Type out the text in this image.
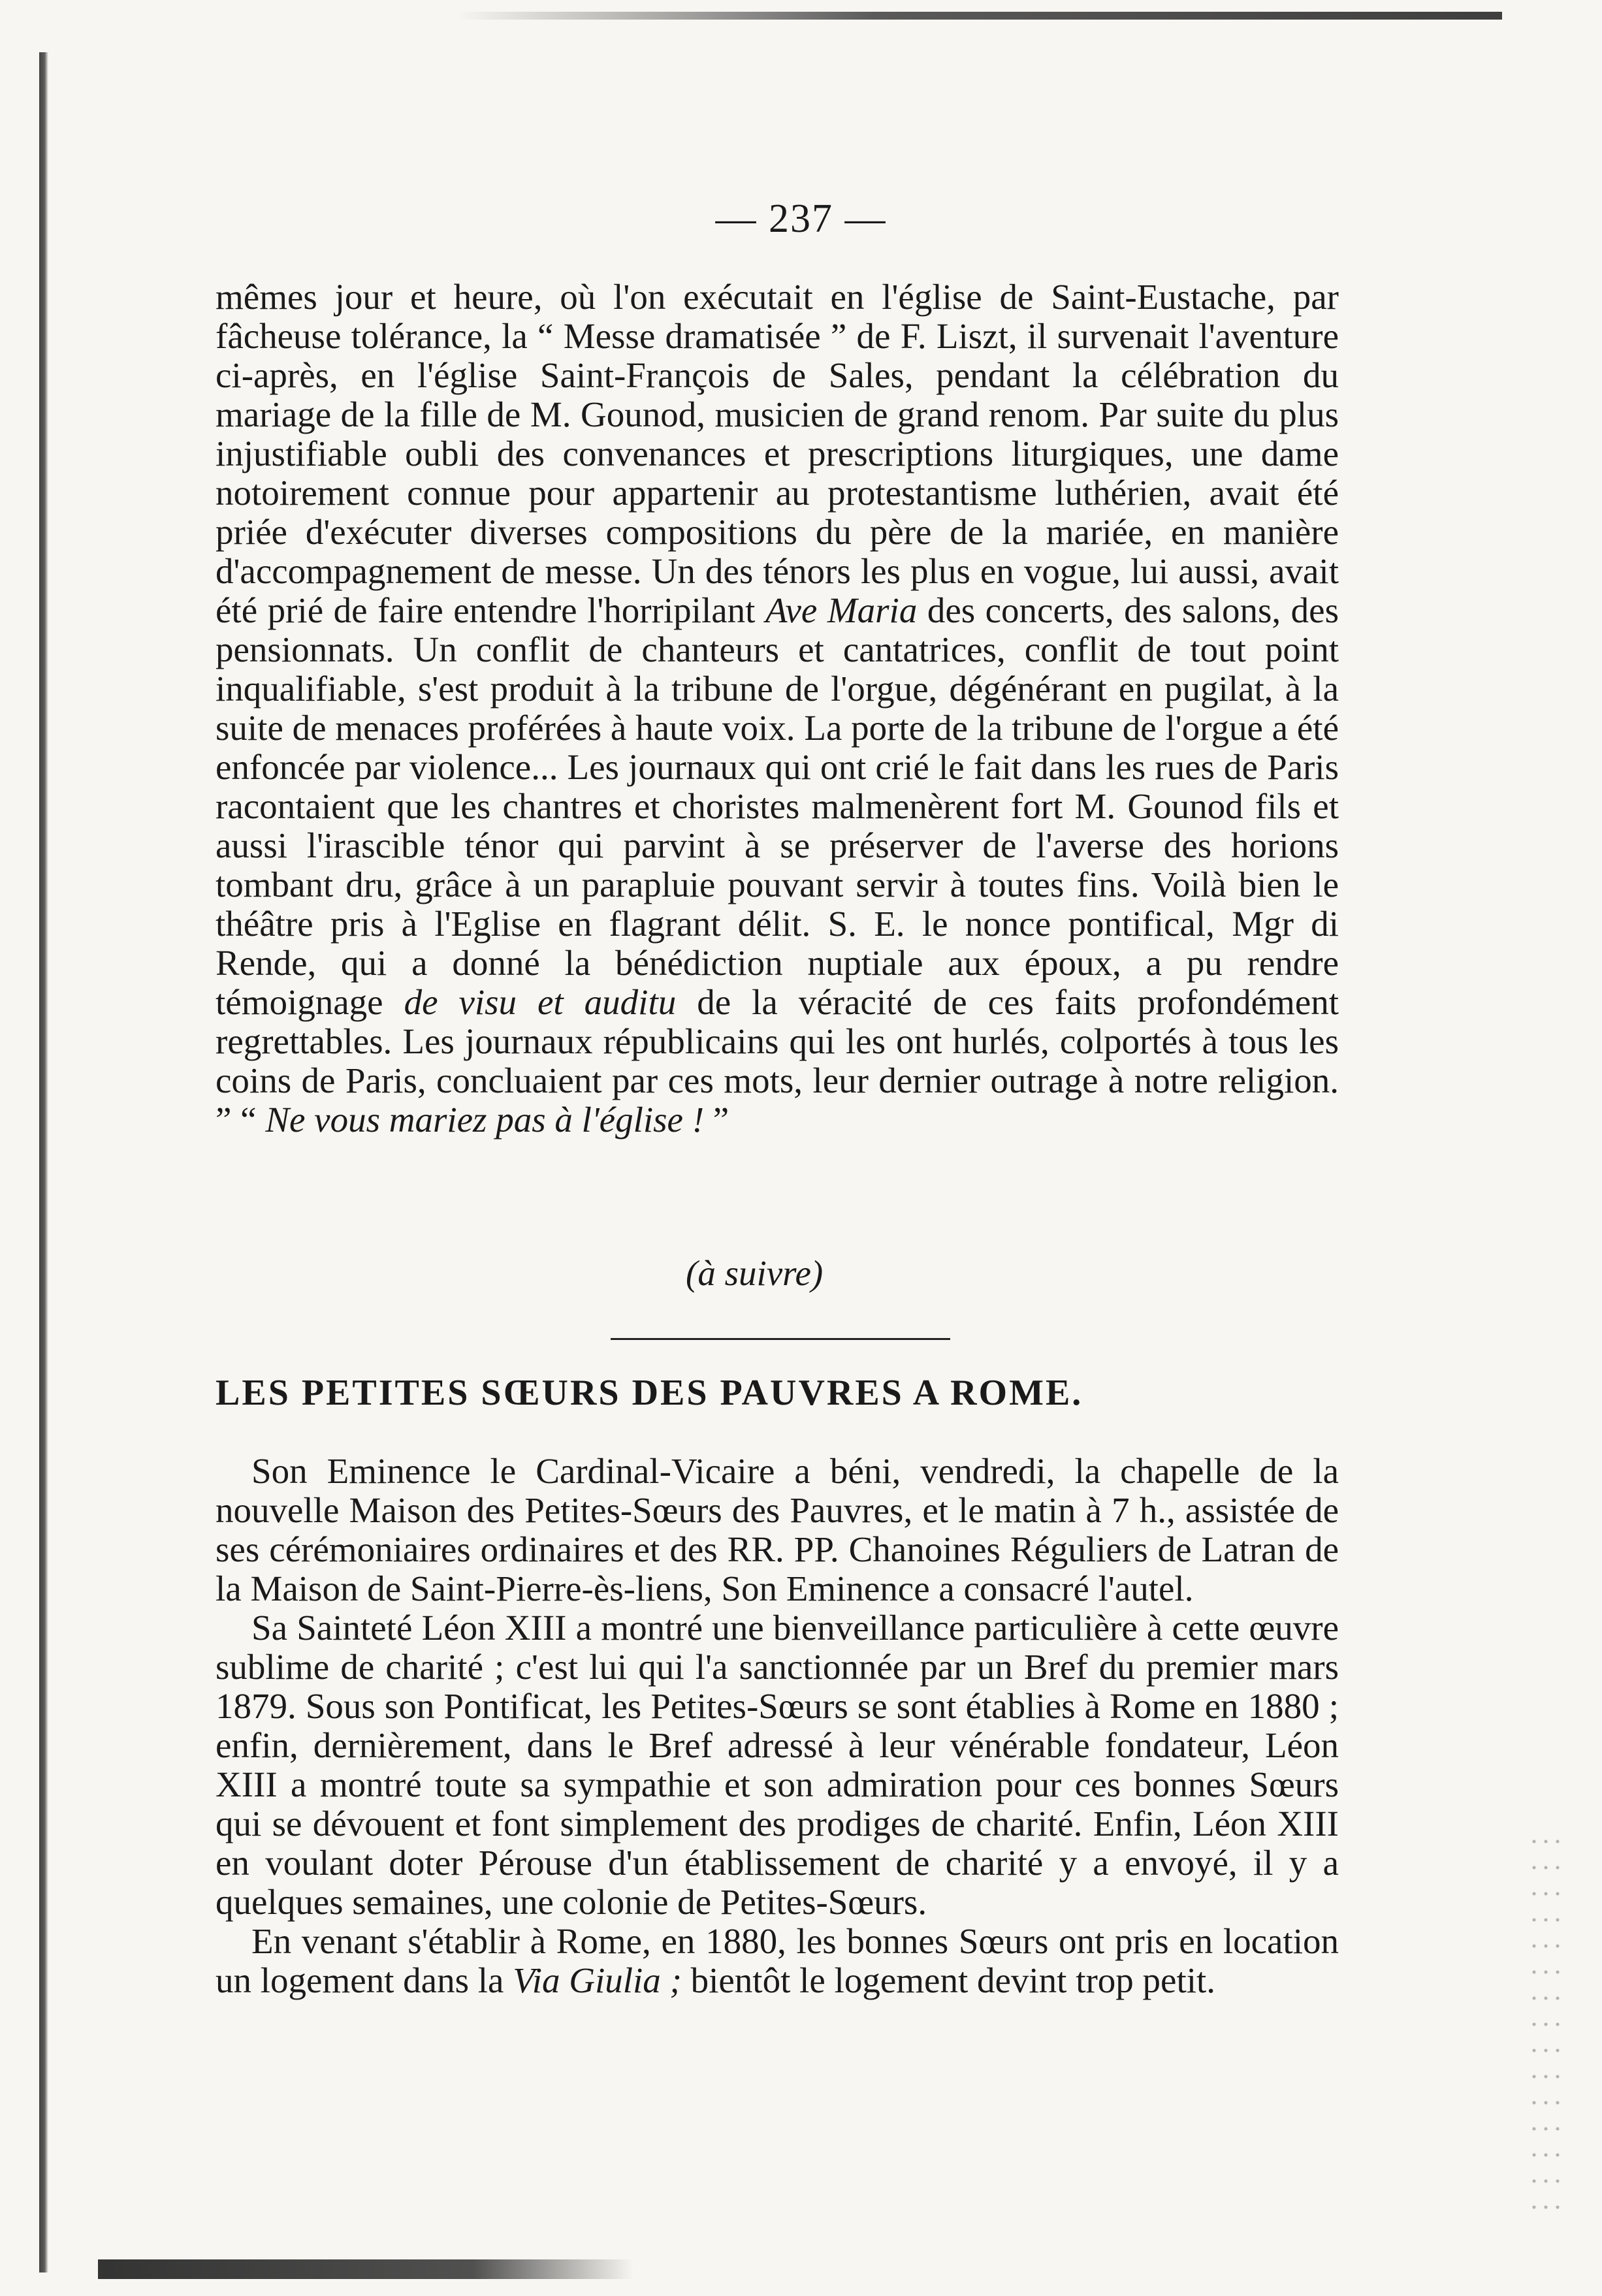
— 237 —

mêmes jour et heure, où l'on exécutait en l'église de Saint-Eustache, par fâcheuse tolérance, la “ Messe dramatisée ” de F. Liszt, il survenait l'aventure ci-après, en l'église Saint-François de Sales, pendant la célébration du mariage de la fille de M. Gounod, musicien de grand renom. Par suite du plus injustifiable oubli des convenances et prescriptions liturgiques, une dame notoirement connue pour appartenir au protestantisme luthérien, avait été priée d'exécuter diverses compositions du père de la mariée, en manière d'accompagnement de messe. Un des ténors les plus en vogue, lui aussi, avait été prié de faire entendre l'horripilant Ave Maria des concerts, des salons, des pensionnats. Un conflit de chanteurs et cantatrices, conflit de tout point inqualifiable, s'est produit à la tribune de l'orgue, dégénérant en pugilat, à la suite de menaces proférées à haute voix. La porte de la tribune de l'orgue a été enfoncée par violence... Les journaux qui ont crié le fait dans les rues de Paris racontaient que les chantres et choristes malmenèrent fort M. Gounod fils et aussi l'irascible ténor qui parvint à se préserver de l'averse des horions tombant dru, grâce à un parapluie pouvant servir à toutes fins. Voilà bien le théâtre pris à l'Eglise en flagrant délit. S. E. le nonce pontifical, Mgr di Rende, qui a donné la bénédiction nuptiale aux époux, a pu rendre témoignage de visu et auditu de la véracité de ces faits profondément regrettables. Les journaux républicains qui les ont hurlés, colportés à tous les coins de Paris, concluaient par ces mots, leur dernier outrage à notre religion. ” “ Ne vous mariez pas à l'église ! ”

(à suivre)
LES PETITES SŒURS DES PAUVRES A ROME.

Son Eminence le Cardinal-Vicaire a béni, vendredi, la chapelle de la nouvelle Maison des Petites-Sœurs des Pauvres, et le matin à 7 h., assistée de ses cérémoniaires ordinaires et des RR. PP. Chanoines Réguliers de Latran de la Maison de Saint-Pierre-ès-liens, Son Eminence a consacré l'autel.

Sa Sainteté Léon XIII a montré une bienveillance particulière à cette œuvre sublime de charité ; c'est lui qui l'a sanctionnée par un Bref du premier mars 1879. Sous son Pontificat, les Petites-Sœurs se sont établies à Rome en 1880 ; enfin, dernièrement, dans le Bref adressé à leur vénérable fondateur, Léon XIII a montré toute sa sympathie et son admiration pour ces bonnes Sœurs qui se dévouent et font simplement des prodiges de charité. Enfin, Léon XIII en voulant doter Pérouse d'un établissement de charité y a envoyé, il y a quelques semaines, une colonie de Petites-Sœurs.

En venant s'établir à Rome, en 1880, les bonnes Sœurs ont pris en location un logement dans la Via Giulia ; bientôt le logement devint trop petit.
